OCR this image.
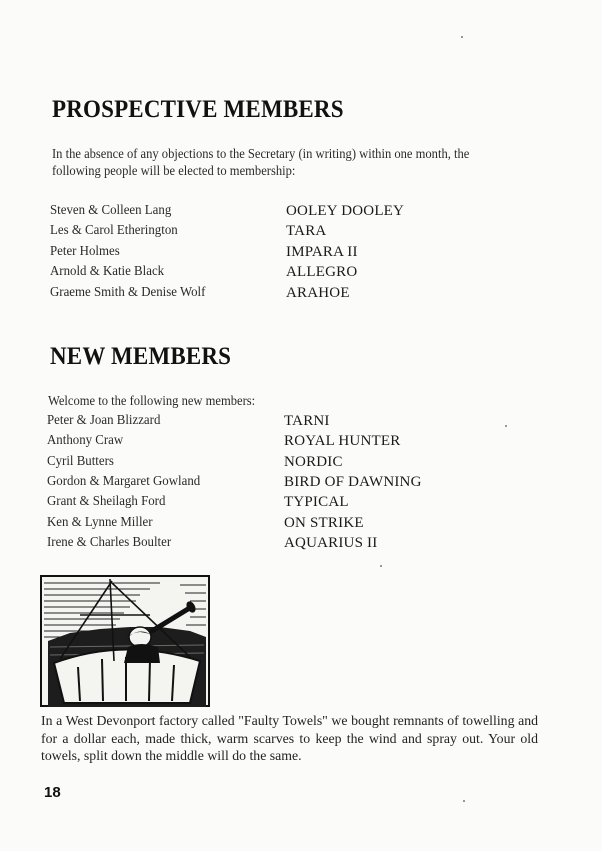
PROSPECTIVE MEMBERS

In the absence of any objections to the Secretary (in writing) within one month, the

following people will be elected to membership:

Steven & Colleen Lang	OOLEY DOOLEY
Les & Carol Etherington	TARA
Peter Holmes	IMPARA II
Arnold & Katie Black	ALLEGRO
Graeme Smith & Denise Wolf	ARAHOE
NEW MEMBERS

Welcome to the following new members:

Peter & Joan Blizzard	TARNI
Anthony Craw	ROYAL HUNTER
Cyril Butters	NORDIC
Gordon & Margaret Gowland	BIRD OF DAWNING
Grant & Sheilagh Ford	TYPICAL
Ken & Lynne Miller	ON STRIKE
Irene & Charles Boulter	AQUARIUS II

In a West Devonport factory called "Faulty Towels" we bought remnants of towelling and for a dollar each, made thick, warm scarves to keep the wind and spray out. Your old towels, split down the middle will do the same.

18
